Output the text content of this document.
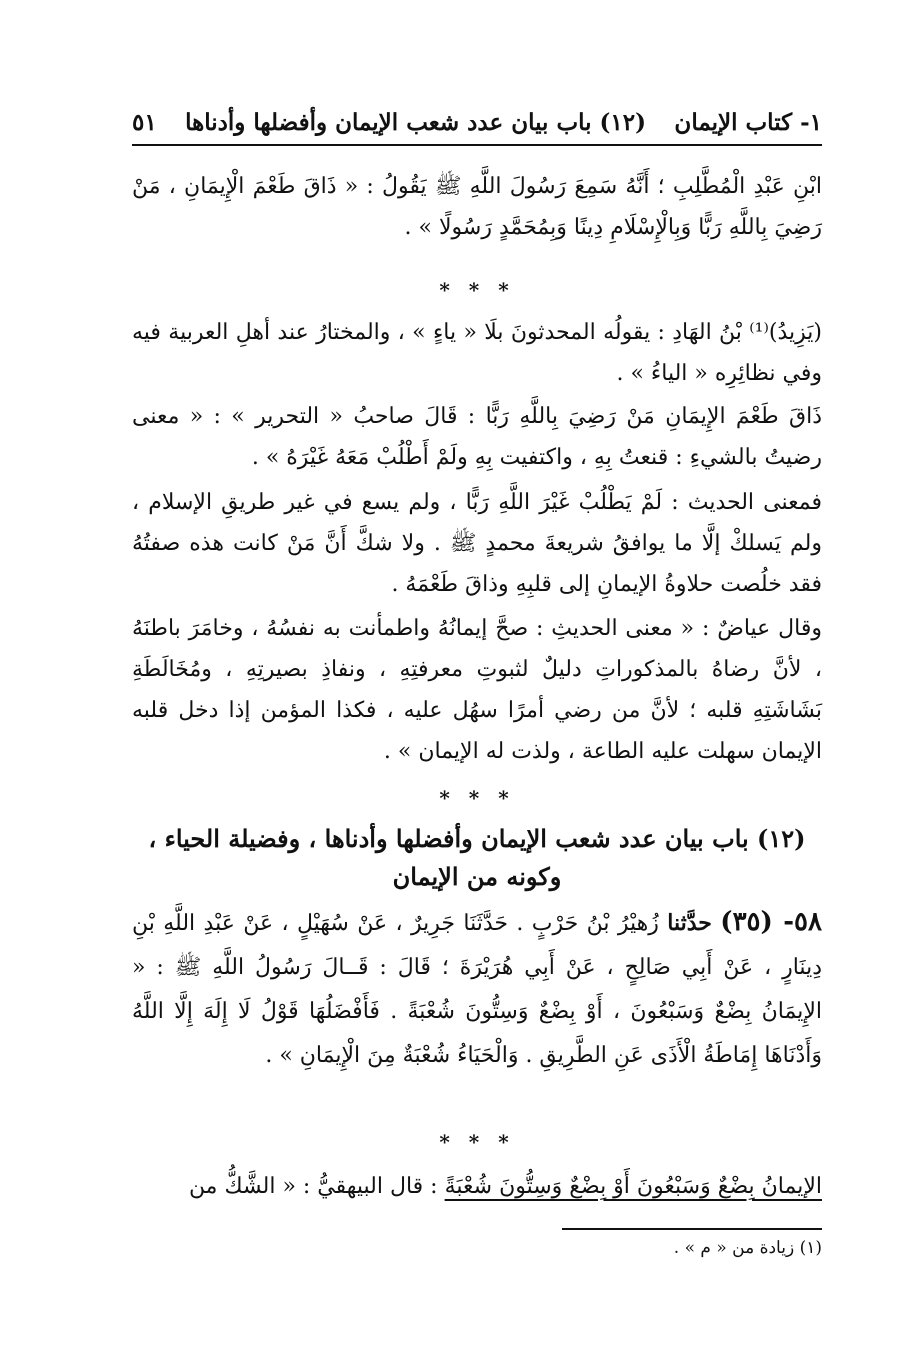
١- كتاب الإيمان
(١٢) باب بيان عدد شعب الإيمان وأفضلها وأدناها
٥١

ابْنِ عَبْدِ الْمُطَّلِبِ ؛ أَنَّهُ سَمِعَ رَسُولَ اللَّهِ ﷺ يَقُولُ : « ذَاقَ طَعْمَ الْإِيمَانِ ، مَنْ رَضِيَ بِاللَّهِ رَبًّا وَبِالْإِسْلَامِ دِينًا وَبِمُحَمَّدٍ رَسُولًا » .

* * *

(يَزِيدُ)⁽¹⁾ بْنُ الهَادِ : يقولُه المحدثونَ بلَا « ياءٍ » ، والمختارُ عند أهلِ العربية فيه وفي نظائِرِه « الياءُ » .

ذَاقَ طَعْمَ الإِيمَانِ مَنْ رَضِيَ بِاللَّهِ رَبًّا : قَالَ صاحبُ « التحرير » : « معنى رضيتُ بالشيءِ : قنعتُ بِهِ ، واكتفيت بِهِ ولَمْ أَطْلُبْ مَعَهُ غَيْرَهُ » .

فمعنى الحديث : لَمْ يَطْلُبْ غَيْرَ اللَّهِ رَبًّا ، ولم يسع في غير طريقِ الإسلام ، ولم يَسلكْ إلَّا ما يوافقُ شريعةَ محمدٍ ﷺ . ولا شكَّ أَنَّ مَنْ كانت هذه صفتُهُ فقد خلُصت حلاوةُ الإيمانِ إلى قلبِهِ وذاقَ طَعْمَهُ .

وقال عياضٌ : « معنى الحديثِ : صحَّ إيمانُهُ واطمأنت به نفسُهُ ، وخامَرَ باطنَهُ ، لأنَّ رضاهُ بالمذكوراتِ دليلٌ لثبوتِ معرفتِهِ ، ونفاذِ بصيرتِهِ ، ومُخَالَطَةِ بَشَاشَتِهِ قلبه ؛ لأنَّ من رضي أمرًا سهُل عليه ، فكذا المؤمن إذا دخل قلبه الإيمان سهلت عليه الطاعة ، ولذت له الإيمان » .

* * *
(١٢) باب بيان عدد شعب الإيمان وأفضلها وأدناها ، وفضيلة الحياء ،
وكونه من الإيمان

٥٨- (٣٥) حدَّثنا زُهيْرُ بْنُ حَرْبٍ . حَدَّثَنَا جَرِيرٌ ، عَنْ سُهَيْلٍ ، عَنْ عَبْدِ اللَّهِ بْنِ دِينَارٍ ، عَنْ أَبِي صَالِحٍ ، عَنْ أَبِي هُرَيْرَةَ ؛ قَالَ : قَــالَ رَسُولُ اللَّهِ ﷺ : « الإِيمَانُ بِضْعٌ وَسَبْعُونَ ، أَوْ بِضْعٌ وَسِتُّونَ شُعْبَةً . فَأَفْضَلُهَا قَوْلُ لَا إِلَهَ إِلَّا اللَّهُ وَأَدْنَاهَا إِمَاطَةُ الْأَذَى عَنِ الطَّرِيقِ . وَالْحَيَاءُ شُعْبَةٌ مِنَ الْإِيمَانِ » .

* * *

الإيمانُ بِضْعٌ وَسَبْعُونَ أَوْ بِضْعٌ وَسِتُّونَ شُعْبَةً : قال البيهقيُّ : « الشَّكُّ من

(١) زيادة من « م » .
